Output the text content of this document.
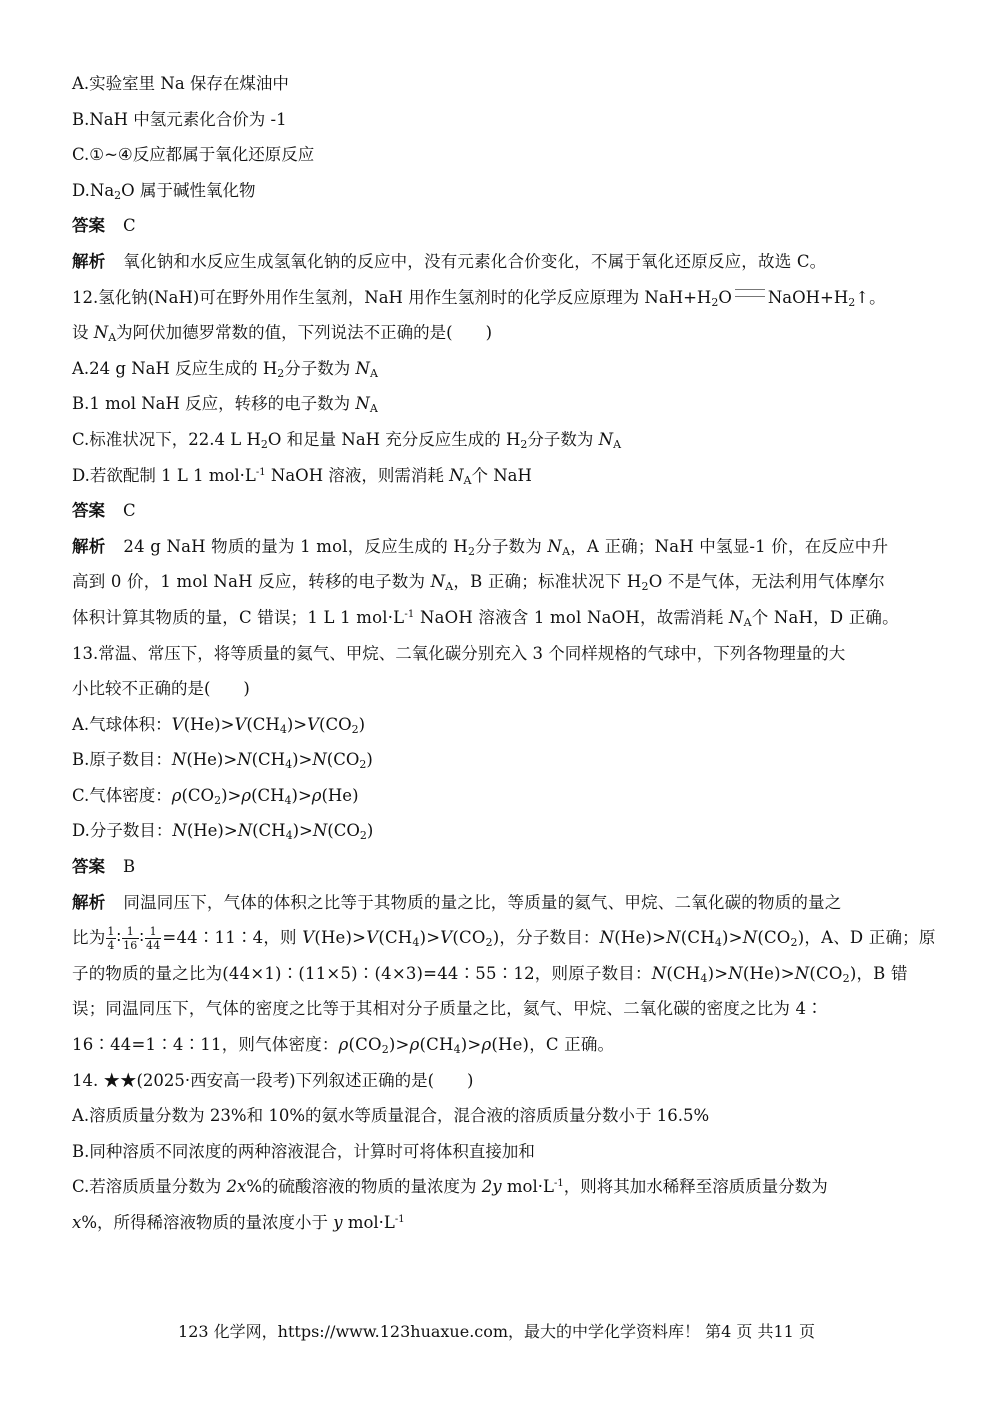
A.实验室里 Na 保存在煤油中
B.NaH 中氢元素化合价为 -1
C.①~④反应都属于氧化还原反应
$D.Na_2O$ 属于碱性氧化物
答案 C
解析 氧化钠和水反应生成氢氧化钠的反应中，没有元素化合价变化，不属于氧化还原反应，故选 C。
12.氢化钠(NaH)可在野外用作生氢剂，NaH 用作生氢剂时的化学反应原理为 $NaH+H_2O$ $NaOH+H_2↑$。
设 $N_A$为阿伏加德罗常数的值，下列说法不正确的是(　　)
A.24 g NaH 反应生成的 $H_2$分子数为 $N_A$
B.1 mol NaH 反应，转移的电子数为 $N_A$
C.标准状况下，22.4 L $H_2O$ 和足量 NaH 充分反应生成的 $H_2$分子数为 $N_A$
D.若欲配制 1 L 1 $mol\cdot L^{-1}$ NaOH 溶液，则需消耗 $N_A$个 NaH
答案 C
解析 24 g NaH 物质的量为 1 mol，反应生成的 $H_2$分子数为 $N_A$，A 正确；NaH 中氢显-1 价，在反应中升
高到 0 价，1 mol NaH 反应，转移的电子数为 $N_A$，B 正确；标准状况下 $H_2O$ 不是气体，无法利用气体摩尔
体积计算其物质的量，C 错误；1 L 1 $mol\cdot L^{-1}$ NaOH 溶液含 1 mol NaOH，故需消耗 $N_A$个 NaH，D 正确。
13.常温、常压下，将等质量的氦气、甲烷、二氧化碳分别充入 3 个同样规格的气球中，下列各物理量的大
小比较不正确的是(　　)
A.气球体积：$V(He)>V(CH_4)>V(CO_2)$
B.原子数目：$N(He)>N(CH_4)>N(CO_2)$
C.气体密度：$\rho(CO_2)>\rho(CH_4)>\rho(He)$
D.分子数目：$N(He)>N(CH_4)>N(CO_2)$
答案 B
解析 同温同压下，气体的体积之比等于其物质的量之比，等质量的氦气、甲烷、二氧化碳的物质的量之
比为 $\frac{1}{4}$ ∶ $\frac{1}{16}$ ∶ $\frac{1}{44}$ =44∶11∶4，则 $V(He)>V(CH_4)>V(CO_2)$，分子数目：$N(He)>N(CH_4)>N(CO_2)$，A、D 正确；原
子的物质的量之比为(44×1)∶(11×5)∶(4×3)=44∶55∶12，则原子数目：$N(CH_4)>N(He)>N(CO_2)$，B 错
误；同温同压下，气体的密度之比等于其相对分子质量之比，氦气、甲烷、二氧化碳的密度之比为 4∶
16∶44=1∶4∶11，则气体密度：$\rho(CO_2)>\rho(CH_4)>\rho(He)$，C 正确。
14. ★★(2025·西安高一段考)下列叙述正确的是(　　)
A.溶质质量分数为 23%和 10%的氨水等质量混合，混合液的溶质质量分数小于 16.5%
B.同种溶质不同浓度的两种溶液混合，计算时可将体积直接加和
C.若溶质质量分数为 2x%的硫酸溶液的物质的量浓度为 2y $mol\cdot L^{-1}$，则将其加水稀释至溶质质量分数为
x%，所得稀溶液物质的量浓度小于 y $mol\cdot L^{-1}$
123 化学网，https://www.123huaxue.com，最大的中学化学资料库！ 第4 页 共11 页
